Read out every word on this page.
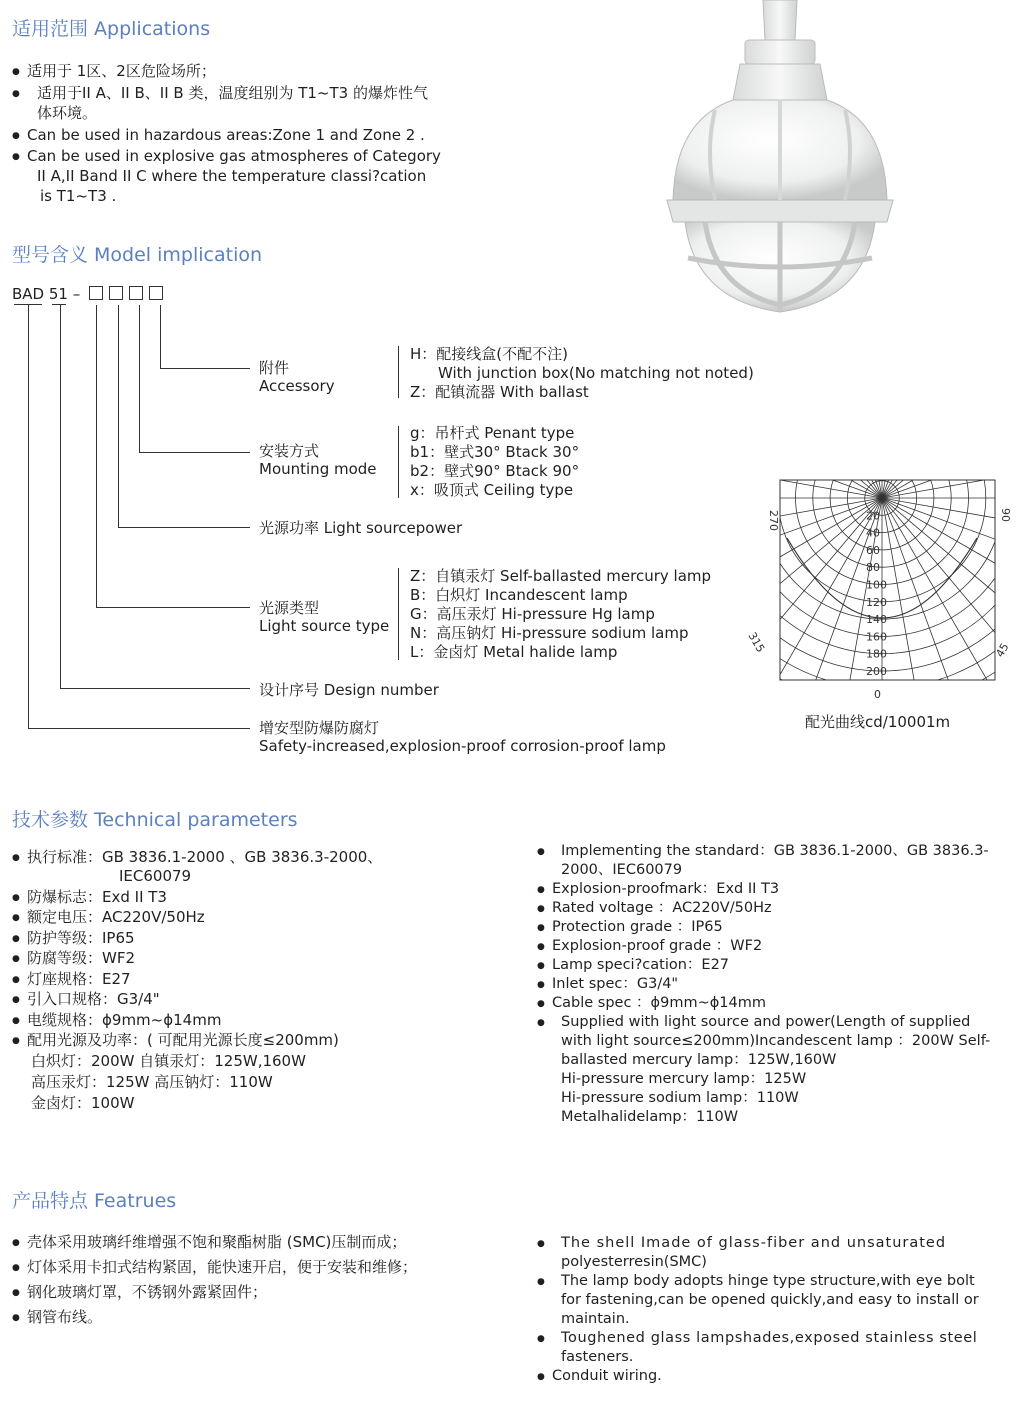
适用范围 Applications
● 适用于 1区、2区危险场所；
● 适用于II A、II B、II B 类，温度组别为 T1~T3 的爆炸性气
体环境。
● Can be used in hazardous areas:Zone 1 and Zone 2 .
● Can be used in explosive gas atmospheres of Category
II A,II Band II C where the temperature classi?cation
is T1~T3 .
型号含义 Model implication
BAD 51 –
附件
Accessory
H：配接线盒(不配不注)
With junction box(No matching not noted)
Z：配镇流器 With ballast
安装方式
Mounting mode
g：吊杆式 Penant type
b1：壁式30° Btack 30°
b2：壁式90° Btack 90°
x：吸顶式 Ceiling type
光源功率 Light sourcepower
光源类型
Light source type
Z：自镇汞灯 Self-ballasted mercury lamp
B：白炽灯 Incandescent lamp
G：高压汞灯 Hi-pressure Hg lamp
N：高压钠灯 Hi-pressure sodium lamp
L：金卤灯 Metal halide lamp
设计序号 Design number
增安型防爆防腐灯
Safety-increased,explosion-proof corrosion-proof lamp
270	90
315	45
0
20
40
60
80
100
120
140
160
180
200
配光曲线cd/10001m
技术参数 Technical parameters
● 执行标准：GB 3836.1-2000 、GB 3836.3-2000、
IEC60079
● 防爆标志：Exd II T3
● 额定电压：AC220V/50Hz
● 防护等级：IP65
● 防腐等级：WF2
● 灯座规格：E27
● 引入口规格：G3/4"
● 电缆规格：ϕ9mm~ϕ14mm
● 配用光源及功率：( 可配用光源长度≤200mm)
白炽灯：200W 自镇汞灯：125W,160W
高压汞灯：125W 高压钠灯：110W
金卤灯：100W
● Implementing the standard：GB 3836.1-2000、GB 3836.3-
2000、IEC60079
● Explosion-proofmark：Exd II T3
● Rated voltage ：AC220V/50Hz
● Protection grade ：IP65
● Explosion-proof grade ：WF2
● Lamp speci?cation：E27
● Inlet spec：G3/4"
● Cable spec ：ϕ9mm~ϕ14mm
● Supplied with light source and power(Length of supplied
with light source≤200mm)Incandescent lamp ：200W Self-
ballasted mercury lamp：125W,160W
Hi-pressure mercury lamp：125W
Hi-pressure sodium lamp：110W
Metalhalidelamp：110W
产品特点 Featrues
● 壳体采用玻璃纤维增强不饱和聚酯树脂 (SMC)压制而成；
● 灯体采用卡扣式结构紧固，能快速开启，便于安装和维修；
● 钢化玻璃灯罩，不锈钢外露紧固件；
● 钢管布线。
● The shell Imade of glass-fiber and unsaturated
polyesterresin(SMC)
● The lamp body adopts hinge type structure,with eye bolt
for fastening,can be opened quickly,and easy to install or
maintain.
● Toughened glass lampshades,exposed stainless steel
fasteners.
● Conduit wiring.
